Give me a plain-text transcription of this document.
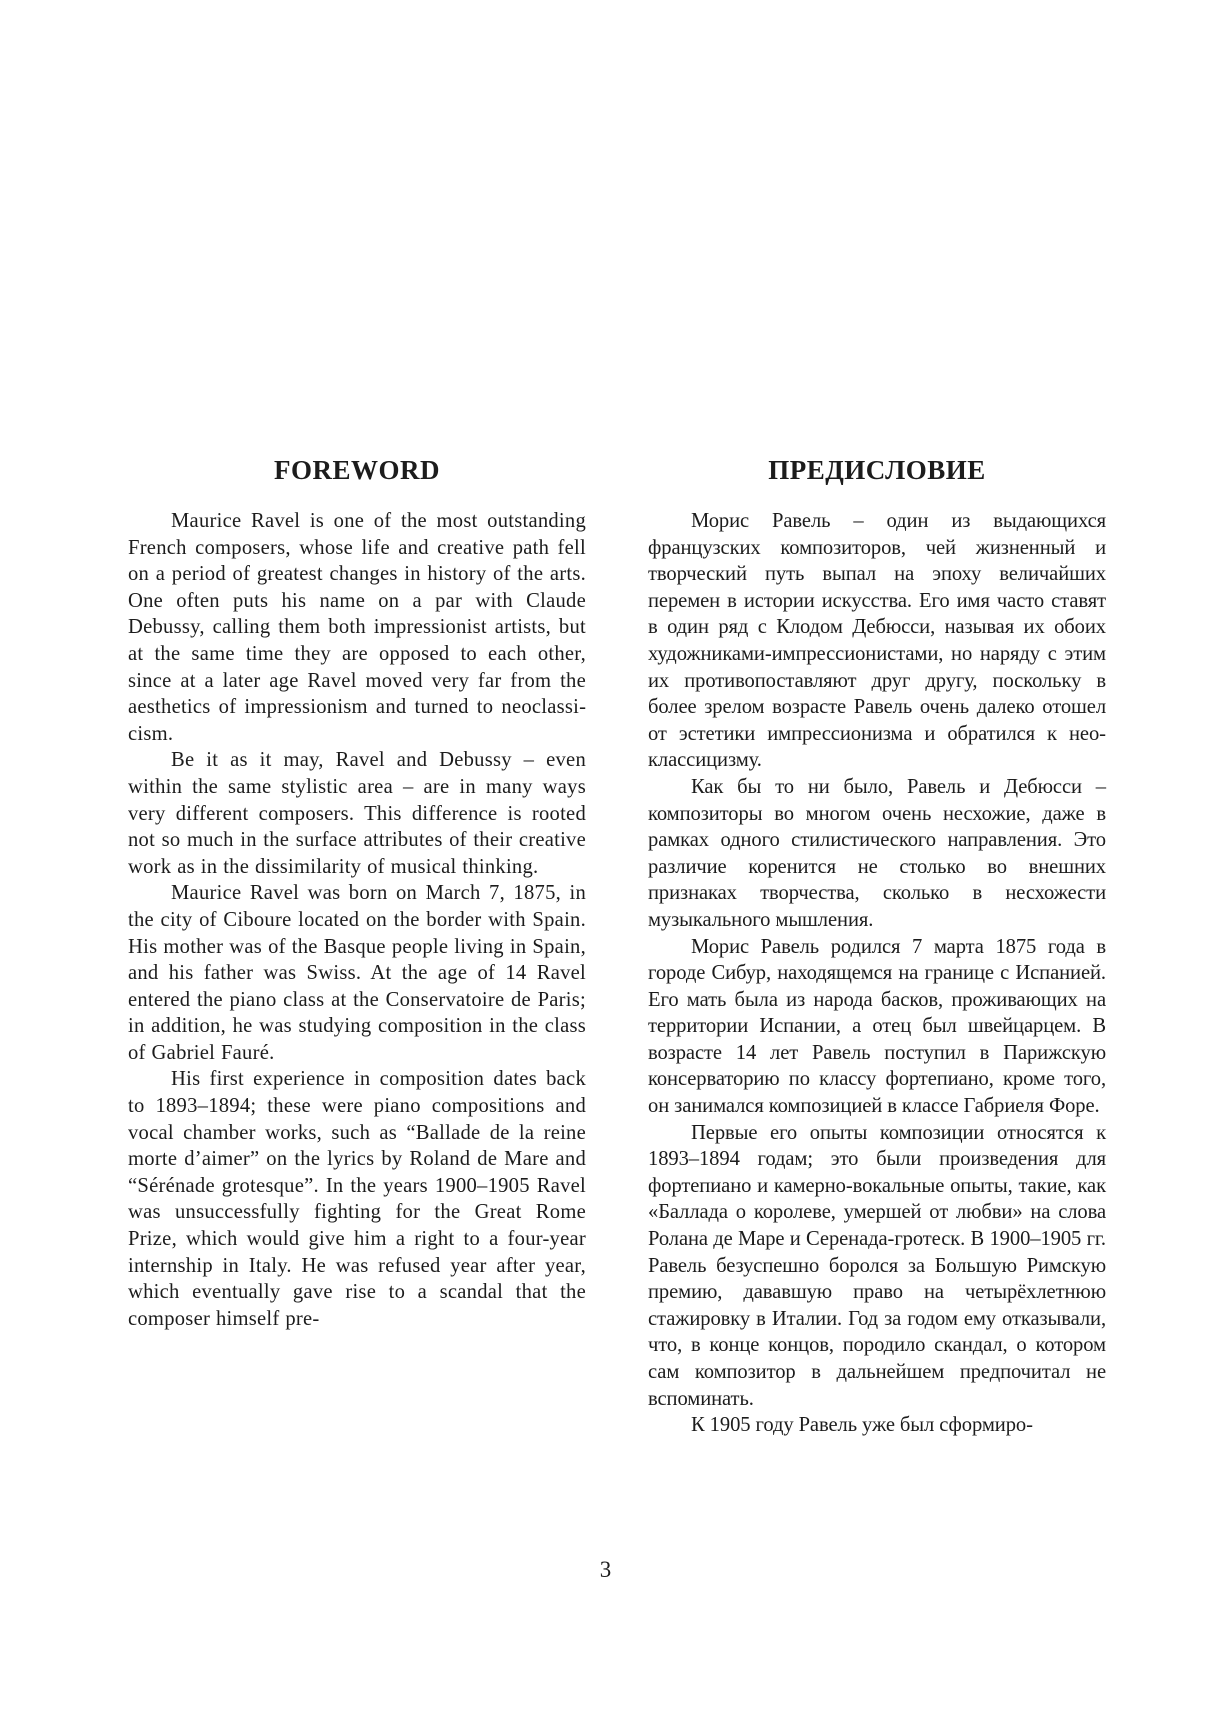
FOREWORD

Maurice Ravel is one of the most outstanding French composers, whose life and creative path fell on a period of greatest changes in history of the arts. One often puts his name on a par with Claude Debussy, calling them both impressionist artists, but at the same time they are opposed to each other, since at a later age Ravel moved very far from the aesthetics of impressionism and turned to neoclassicism.

Be it as it may, Ravel and Debussy – even within the same stylistic area – are in many ways very different composers. This difference is rooted not so much in the surface attributes of their creative work as in the dissimilarity of musical thinking.

Maurice Ravel was born on March 7, 1875, in the city of Ciboure located on the border with Spain. His mother was of the Basque people living in Spain, and his father was Swiss. At the age of 14 Ravel entered the piano class at the Conservatoire de Paris; in addition, he was studying composition in the class of Gabriel Fauré.

His first experience in composition dates back to 1893–1894; these were piano compositions and vocal chamber works, such as “Ballade de la reine morte d’aimer” on the lyrics by Roland de Mare and “Sérénade grotesque”. In the years 1900–1905 Ravel was unsuccessfully fighting for the Great Rome Prize, which would give him a right to a four-year internship in Italy. He was refused year after year, which eventually gave rise to a scandal that the composer himself pre-

ПРЕДИСЛОВИЕ

Морис Равель – один из выдающихся французских композиторов, чей жизненный и творческий путь выпал на эпоху величайших перемен в истории искусства. Его имя часто ставят в один ряд с Клодом Дебюсси, называя их обоих художниками-импрессионистами, но наряду с этим их противопоставляют друг другу, поскольку в более зрелом возрасте Равель очень далеко отошел от эстетики импрессионизма и обратился к неоклассицизму.

Как бы то ни было, Равель и Дебюсси – композиторы во многом очень несхожие, даже в рамках одного стилистического направления. Это различие коренится не столько во внешних признаках творчества, сколько в несхожести музыкального мышления.

Морис Равель родился 7 марта 1875 года в городе Сибур, находящемся на границе с Испанией. Его мать была из народа басков, проживающих на территории Испании, а отец был швейцарцем. В возрасте 14 лет Равель поступил в Парижскую консерваторию по классу фортепиано, кроме того, он занимался композицией в классе Габриеля Форе.

Первые его опыты композиции относятся к 1893–1894 годам; это были произведения для фортепиано и камерно-вокальные опыты, такие, как «Баллада о королеве, умершей от любви» на слова Ролана де Маре и Серенада-гротеск. В 1900–1905 гг. Равель безуспешно боролся за Большую Римскую премию, дававшую право на четырёхлетнюю стажировку в Италии. Год за годом ему отказывали, что, в конце концов, породило скандал, о котором сам композитор в дальнейшем предпочитал не вспоминать.

К 1905 году Равель уже был сформиро-

3
